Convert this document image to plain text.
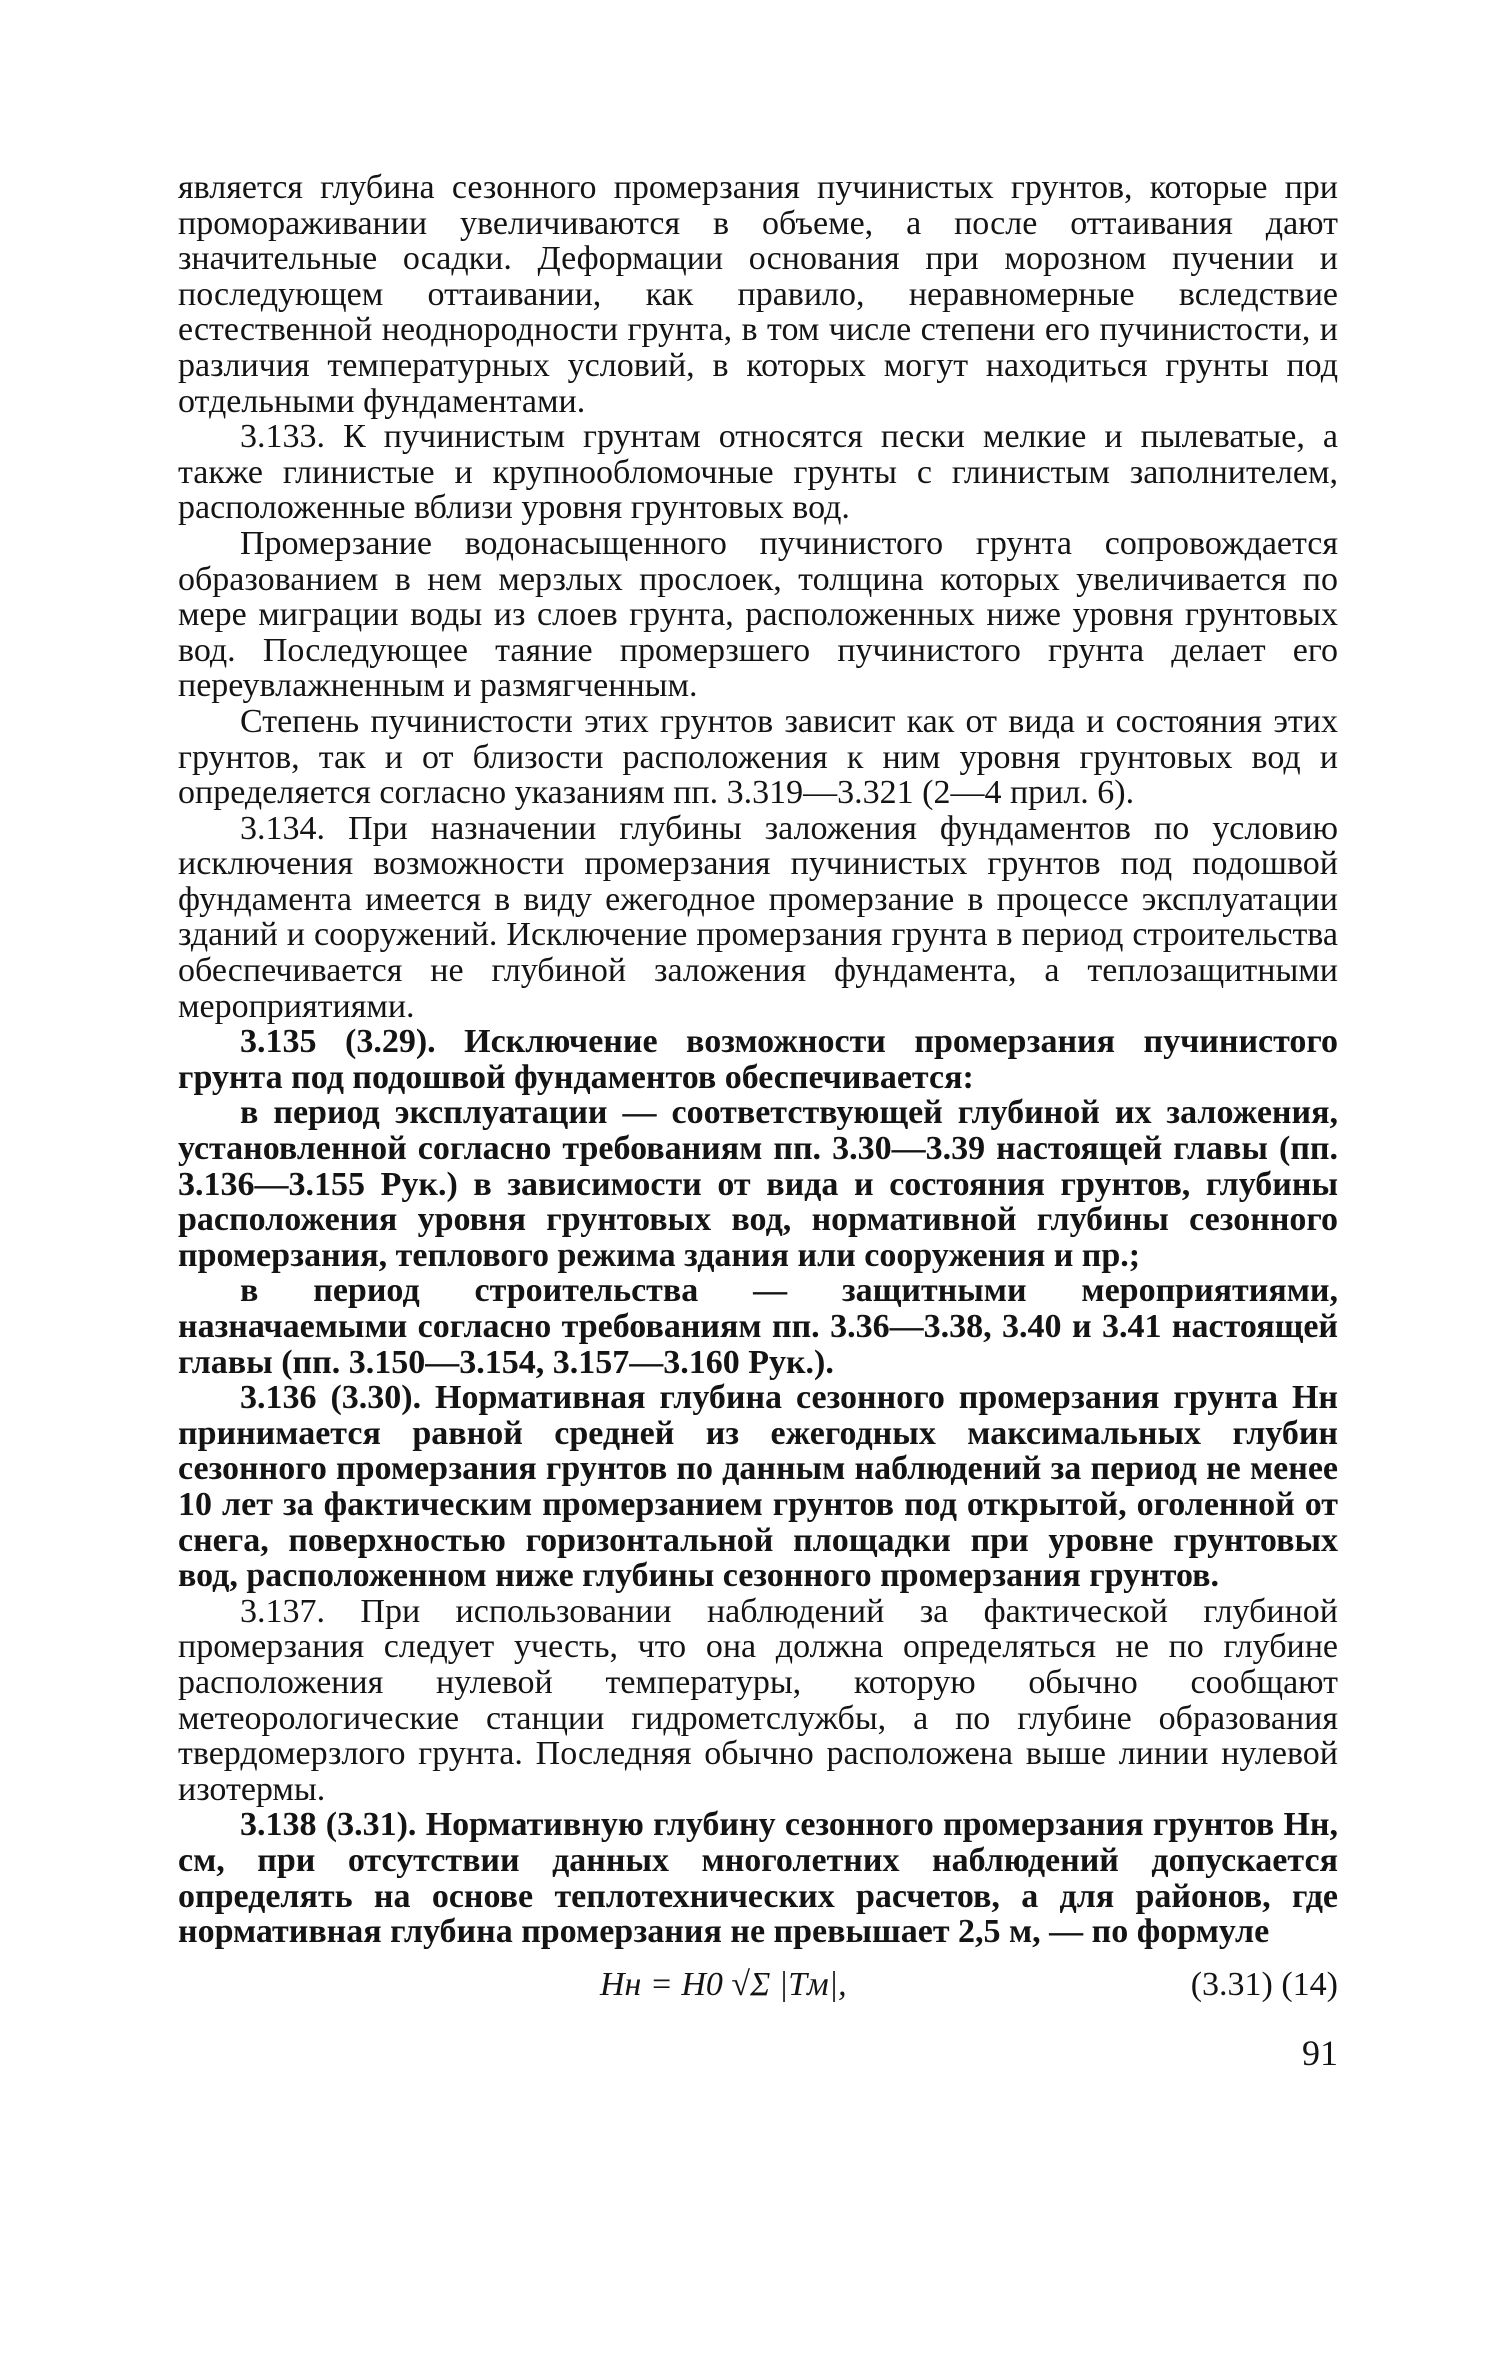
является глубина сезонного промерзания пучинистых грунтов, которые при промораживании увеличиваются в объеме, а после оттаивания дают значительные осадки. Деформации основания при морозном пучении и последующем оттаивании, как правило, неравномерные вследствие естественной неоднородности грунта, в том числе степени его пучинистости, и различия температурных условий, в которых могут находиться грунты под отдельными фундаментами.

3.133. К пучинистым грунтам относятся пески мелкие и пылеватые, а также глинистые и крупнообломочные грунты с глинистым заполнителем, расположенные вблизи уровня грунтовых вод.

Промерзание водонасыщенного пучинистого грунта сопровождается образованием в нем мерзлых прослоек, толщина которых увеличивается по мере миграции воды из слоев грунта, расположенных ниже уровня грунтовых вод. Последующее таяние промерзшего пучинистого грунта делает его переувлажненным и размягченным.

Степень пучинистости этих грунтов зависит как от вида и состояния этих грунтов, так и от близости расположения к ним уровня грунтовых вод и определяется согласно указаниям пп. 3.319—3.321 (2—4 прил. 6).

3.134. При назначении глубины заложения фундаментов по условию исключения возможности промерзания пучинистых грунтов под подошвой фундамента имеется в виду ежегодное промерзание в процессе эксплуатации зданий и сооружений. Исключение промерзания грунта в период строительства обеспечивается не глубиной заложения фундамента, а теплозащитными мероприятиями.

3.135 (3.29). Исключение возможности промерзания пучинистого грунта под подошвой фундаментов обеспечивается:

в период эксплуатации — соответствующей глубиной их заложения, установленной согласно требованиям пп. 3.30—3.39 настоящей главы (пп. 3.136—3.155 Рук.) в зависимости от вида и состояния грунтов, глубины расположения уровня грунтовых вод, нормативной глубины сезонного промерзания, теплового режима здания или сооружения и пр.;

в период строительства — защитными мероприятиями, назначаемыми согласно требованиям пп. 3.36—3.38, 3.40 и 3.41 настоящей главы (пп. 3.150—3.154, 3.157—3.160 Рук.).

3.136 (3.30). Нормативная глубина сезонного промерзания грунта Hн принимается равной средней из ежегодных максимальных глубин сезонного промерзания грунтов по данным наблюдений за период не менее 10 лет за фактическим промерзанием грунтов под открытой, оголенной от снега, поверхностью горизонтальной площадки при уровне грунтовых вод, расположенном ниже глубины сезонного промерзания грунтов.

3.137. При использовании наблюдений за фактической глубиной промерзания следует учесть, что она должна определяться не по глубине расположения нулевой температуры, которую обычно сообщают метеорологические станции гидрометслужбы, а по глубине образования твердомерзлого грунта. Последняя обычно расположена выше линии нулевой изотермы.

3.138 (3.31). Нормативную глубину сезонного промерзания грунтов Hн, см, при отсутствии данных многолетних наблюдений допускается определять на основе теплотехнических расчетов, а для районов, где нормативная глубина промерзания не превышает 2,5 м, — по формуле

Hн = H0 √Σ |Tм|,	(3.31) (14)

91
